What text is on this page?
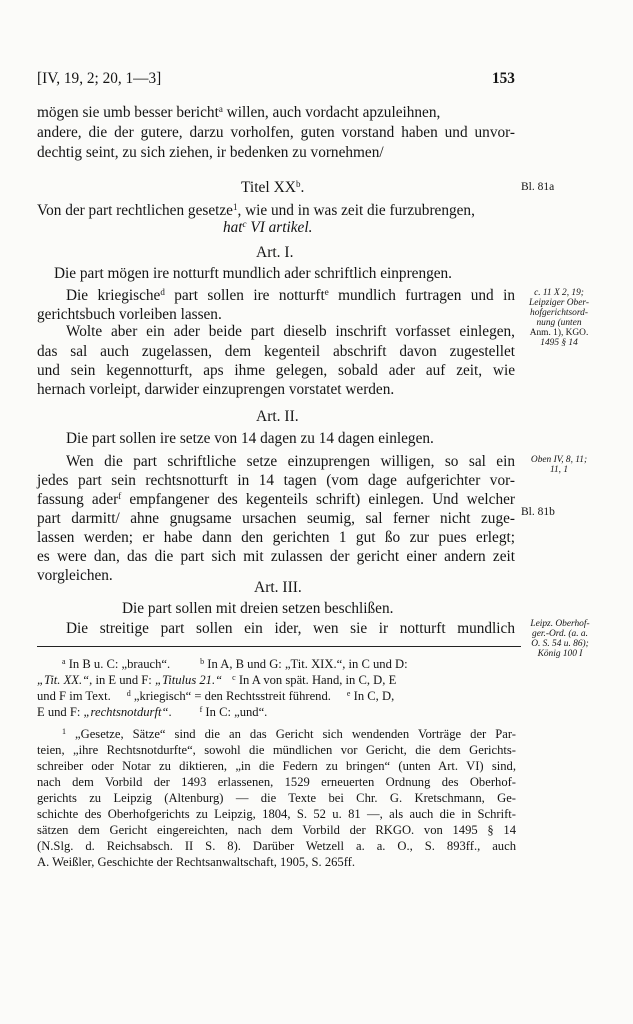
[IV, 19, 2; 20, 1—3]	153
mögen sie umb besser bericht$^a$ willen, auch vordacht apzuleihnen,
andere, die der gutere, darzu vorholfen, guten vorstand haben und unvor-
dechtig seint, zu sich ziehen, ir bedenken zu vornehmen/
Titel $XX^b$.	Bl. 81a
Von der part rechtlichen gesetze$^1$, wie und in was zeit die furzubrengen,
hat$^c$ VI artikel.
Art. I.
Die part mögen ire notturft mundlich ader schriftlich einprengen.
Die kriegische$^d$ part sollen ire notturft$^e$ mundlich furtragen und in
gerichtsbuch vorleiben lassen.
Wolte aber ein ader beide part dieselb inschrift vorfasset einlegen,
das sal auch zugelassen, dem kegenteil abschrift davon zugestellet
und sein kegennotturft, aps ihme gelegen, sobald ader auf zeit, wie
hernach vorleipt, darwider einzuprengen vorstatet werden.
c. 11 X 2, 19;
Leipziger Ober-
hofgerichtsord-
nung (unten
Anm. 1), KGO.
1495 § 14
Art. II.
Die part sollen ire setze von 14 dagen zu 14 dagen einlegen.
Wen die part schriftliche setze einzuprengen willigen, so sal ein
jedes part sein rechtsnotturft in 14 tagen (vom dage aufgerichter vor-
fassung ader$^f$ empfangener des kegenteils schrift) einlegen. Und welcher
part darmitt/ ahne gnugsame ursachen seumig, sal ferner nicht zuge-
lassen werden; er habe dann den gerichten 1 gut ßo zur pues erlegt;
es were dan, das die part sich mit zulassen der gericht einer andern zeit
vorgleichen.
Oben IV, 8, 11;
11, 1
Bl. 81b
Art. III.
Die part sollen mit dreien setzen beschlißen.
Die streitige part sollen ein ider, wen sie ir notturft mundlich	Leipz. Oberhof-
ger.-Ord. (a. a.
O. S. 54 u. 86);
König 100 I
$^a$ In B u. C: „brauch“.	$^b$ In A, B und G: „Tit. XIX.“, in C und D:
„Tit. XX.“, in E und F: „Titulus 21.“ $^c$ In A von spät. Hand, in C, D, E
und F im Text. $^d$ „kriegisch“ = den Rechtsstreit führend. $^e$ In C, D,
E und F: „rechtsnotdurft“.	$^f$ In C: „und“.
$^1$ „Gesetze, Sätze“ sind die an das Gericht sich wendenden Vorträge der Par-
teien, „ihre Rechtsnotdurfte“, sowohl die mündlichen vor Gericht, die dem Gerichts-
schreiber oder Notar zu diktieren, „in die Federn zu bringen“ (unten Art. VI) sind,
nach dem Vorbild der 1493 erlassenen, 1529 erneuerten Ordnung des Oberhof-
gerichts zu Leipzig (Altenburg) — die Texte bei Chr. G. Kretschmann, Ge-
schichte des Oberhofgerichts zu Leipzig, 1804, S. 52 u. 81 —, als auch die in Schrift-
sätzen dem Gericht eingereichten, nach dem Vorbild der RKGO. von 1495 § 14
(N.Slg. d. Reichsabsch. II S. 8). Darüber Wetzell a. a. O., S. 893ff., auch
A. Weißler, Geschichte der Rechtsanwaltschaft, 1905, S. 265ff.
